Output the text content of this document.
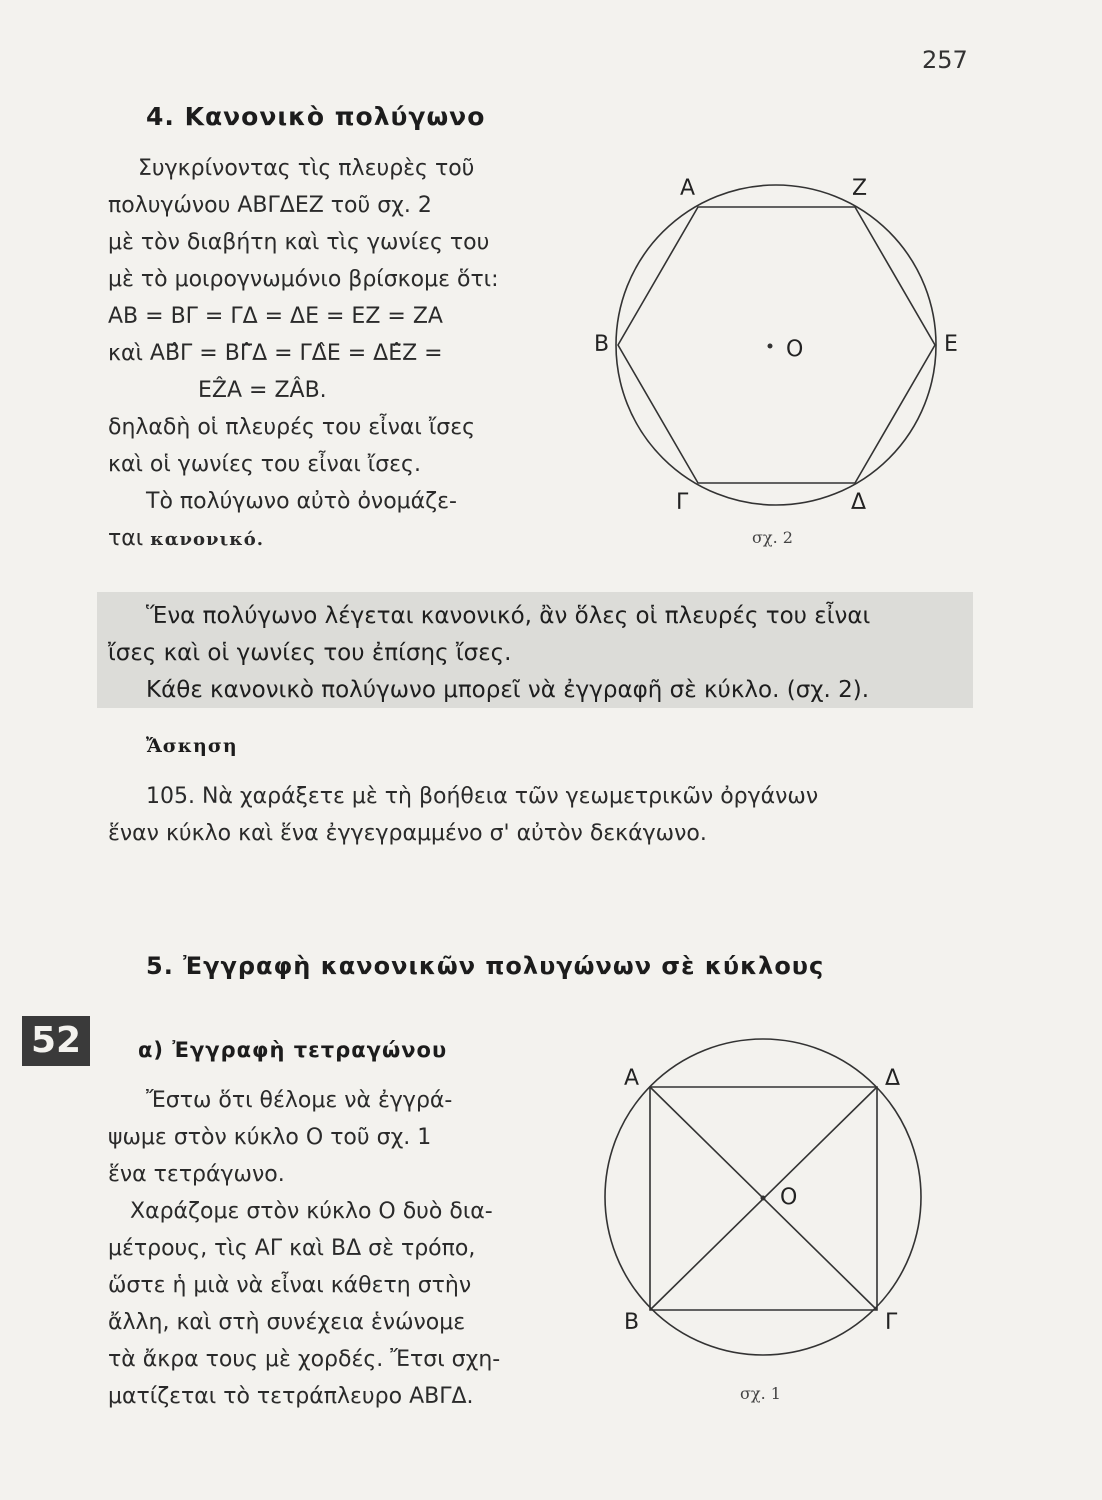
257
4. Κανονικὸ πολύγωνο

Συγκρίνοντας τὶς πλευρὲς τοῦ

πολυγώνου ΑΒΓΔΕΖ τοῦ σχ. 2

μὲ τὸν διαβήτη καὶ τὶς γωνίες του

μὲ τὸ μοιρογνωμόνιο βρίσκομε ὅτι:

ΑΒ = ΒΓ = ΓΔ = ΔΕ = ΕΖ = ΖΑ

καὶ ΑΒ̂Γ = ΒΓ̂Δ = ΓΔ̂Ε = ΔΕ̂Ζ =

ΕẐΑ = ΖÂΒ.

δηλαδὴ οἱ πλευρές του εἶναι ἴσες

καὶ οἱ γωνίες του εἶναι ἴσες.

Τὸ πολύγωνο αὐτὸ ὀνομάζε-

ται κανονικό.

Ἕνα πολύγωνο λέγεται κανονικό, ἂν ὅλες οἱ πλευρές του εἶναι

ἴσες καὶ οἱ γωνίες του ἐπίσης ἴσες.

Κάθε κανονικὸ πολύγωνο μπορεῖ νὰ ἐγγραφῆ σὲ κύκλο. (σχ. 2).

Ἄσκηση

105. Νὰ χαράξετε μὲ τὴ βοήθεια τῶν γεωμετρικῶν ὀργάνων

ἕναν κύκλο καὶ ἕνα ἐγγεγραμμένο σ' αὐτὸν δεκάγωνο.

5. Ἐγγραφὴ κανονικῶν πολυγώνων σὲ κύκλους
52	α) Ἐγγραφὴ τετραγώνου

Ἔστω ὅτι θέλομε νὰ ἐγγρά-

ψωμε στὸν κύκλο Ο τοῦ σχ. 1

ἕνα τετράγωνο.

Χαράζομε στὸν κύκλο Ο δυὸ δια-

μέτρους, τὶς ΑΓ καὶ ΒΔ σὲ τρόπο,

ὥστε ἡ μιὰ νὰ εἶναι κάθετη στὴν

ἄλλη, καὶ στὴ συνέχεια ἑνώνομε

τὰ ἄκρα τους μὲ χορδές. Ἔτσι σχη-

ματίζεται τὸ τετράπλευρο ΑΒΓΔ.

Α	Ζ
Β	Ε
Ο
Γ	Δ
σχ. 2
Α	Δ
Ο
Β	Γ
σχ. 1
